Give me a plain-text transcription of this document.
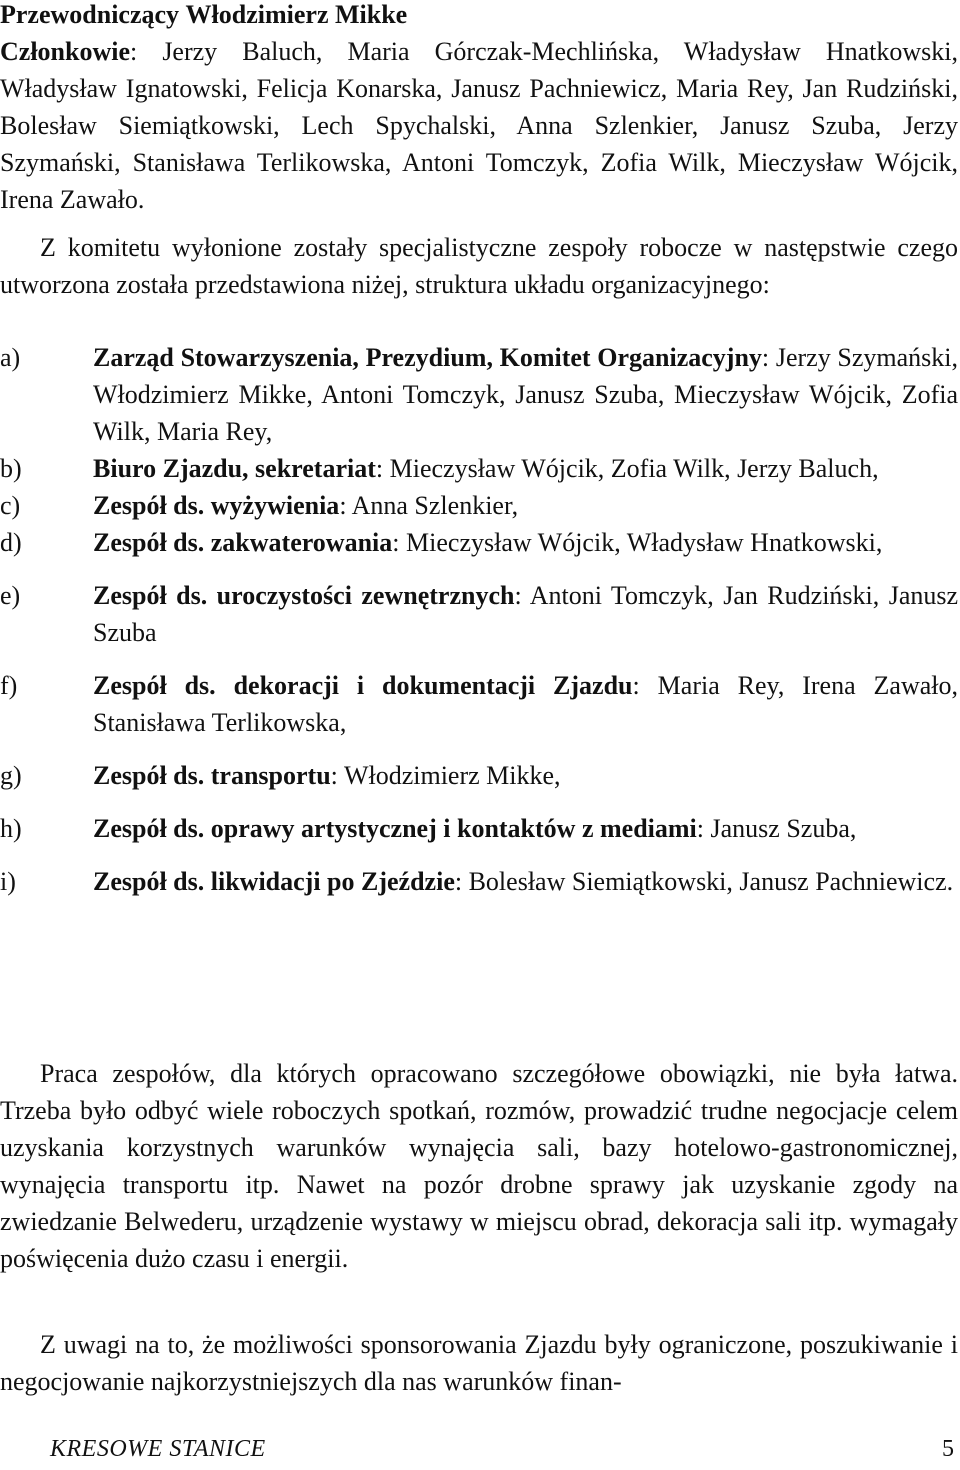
Przewodniczący Włodzimierz Mikke
Członkowie: Jerzy Baluch, Maria Górczak-Mechlińska, Władysław Hnatkowski, Władysław Ignatowski, Felicja Konarska, Janusz Pachniewicz, Maria Rey, Jan Rudziński, Bolesław Siemiątkowski, Lech Spychalski, Anna Szlenkier, Janusz Szuba, Jerzy Szymański, Stanisława Terlikowska, Antoni Tomczyk, Zofia Wilk, Mieczysław Wójcik, Irena Zawało.
Z komitetu wyłonione zostały specjalistyczne zespoły robocze w następstwie czego utworzona została przedstawiona niżej, struktura układu organizacyjnego:
a)	Zarząd Stowarzyszenia, Prezydium, Komitet Organizacyjny: Jerzy Szymański, Włodzimierz Mikke, Antoni Tomczyk, Janusz Szuba, Mieczysław Wójcik, Zofia Wilk, Maria Rey,
b)	Biuro Zjazdu, sekretariat: Mieczysław Wójcik, Zofia Wilk, Jerzy Baluch,
c)	Zespół ds. wyżywienia: Anna Szlenkier,
d)	Zespół ds. zakwaterowania: Mieczysław Wójcik, Władysław Hnatkowski,
e)	Zespół ds. uroczystości zewnętrznych: Antoni Tomczyk, Jan Rudziński, Janusz Szuba
f)	Zespół ds. dekoracji i dokumentacji Zjazdu: Maria Rey, Irena Zawało, Stanisława Terlikowska,
g)	Zespół ds. transportu: Włodzimierz Mikke,
h)	Zespół ds. oprawy artystycznej i kontaktów z mediami: Janusz Szuba,
i)	Zespół ds. likwidacji po Zjeździe: Bolesław Siemiątkowski, Janusz Pachniewicz.
Praca zespołów, dla których opracowano szczegółowe obowiązki, nie była łatwa. Trzeba było odbyć wiele roboczych spotkań, rozmów, prowadzić trudne negocjacje celem uzyskania korzystnych warunków wynajęcia sali, bazy hotelowo-gastronomicznej, wynajęcia transportu itp. Nawet na pozór drobne sprawy jak uzyskanie zgody na zwiedzanie Belwederu, urządzenie wystawy w miejscu obrad, dekoracja sali itp. wymagały poświęcenia dużo czasu i energii.
Z uwagi na to, że możliwości sponsorowania Zjazdu były ograniczone, poszukiwanie i negocjowanie najkorzystniejszych dla nas warunków finan-
KRESOWE STANICE	5
